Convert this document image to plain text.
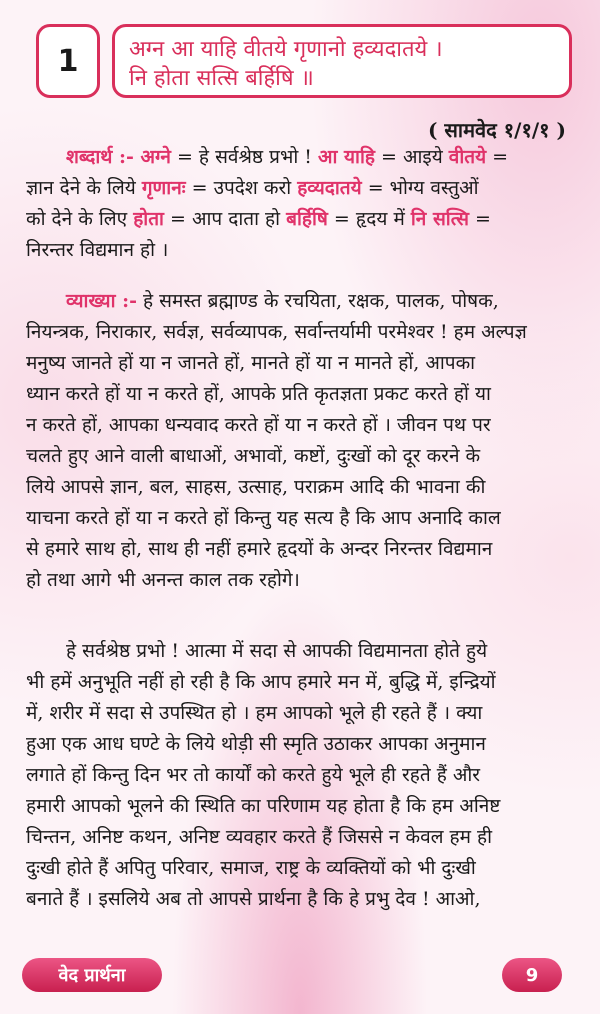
1	अग्न आ याहि वीतये गृणानो हव्यदातये ।
नि होता सत्सि बर्हिषि ॥
( सामवेद १/१/१ )
शब्दार्थ :- अग्ने = हे सर्वश्रेष्ठ प्रभो ! आ याहि = आइये वीतये =
ज्ञान देने के लिये गृणानः = उपदेश करो हव्यदातये = भोग्य वस्तुओं
को देने के लिए होता = आप दाता हो बर्हिषि = हृदय में नि सत्सि =
निरन्तर विद्यमान हो ।
व्याख्या :- हे समस्त ब्रह्माण्ड के रचयिता, रक्षक, पालक, पोषक,
नियन्त्रक, निराकार, सर्वज्ञ, सर्वव्यापक, सर्वान्तर्यामी परमेश्वर ! हम अल्पज्ञ
मनुष्य जानते हों या न जानते हों, मानते हों या न मानते हों, आपका
ध्यान करते हों या न करते हों, आपके प्रति कृतज्ञता प्रकट करते हों या
न करते हों, आपका धन्यवाद करते हों या न करते हों । जीवन पथ पर
चलते हुए आने वाली बाधाओं, अभावों, कष्टों, दुःखों को दूर करने के
लिये आपसे ज्ञान, बल, साहस, उत्साह, पराक्रम आदि की भावना की
याचना करते हों या न करते हों किन्तु यह सत्य है कि आप अनादि काल
से हमारे साथ हो, साथ ही नहीं हमारे हृदयों के अन्दर निरन्तर विद्यमान
हो तथा आगे भी अनन्त काल तक रहोगे।
हे सर्वश्रेष्ठ प्रभो ! आत्मा में सदा से आपकी विद्यमानता होते हुये
भी हमें अनुभूति नहीं हो रही है कि आप हमारे मन में, बुद्धि में, इन्द्रियों
में, शरीर में सदा से उपस्थित हो । हम आपको भूले ही रहते हैं । क्या
हुआ एक आध घण्टे के लिये थोड़ी सी स्मृति उठाकर आपका अनुमान
लगाते हों किन्तु दिन भर तो कार्यों को करते हुये भूले ही रहते हैं और
हमारी आपको भूलने की स्थिति का परिणाम यह होता है कि हम अनिष्ट
चिन्तन, अनिष्ट कथन, अनिष्ट व्यवहार करते हैं जिससे न केवल हम ही
दुःखी होते हैं अपितु परिवार, समाज, राष्ट्र के व्यक्तियों को भी दुःखी
बनाते हैं । इसलिये अब तो आपसे प्रार्थना है कि हे प्रभु देव ! आओ,
वेद प्रार्थना	9
